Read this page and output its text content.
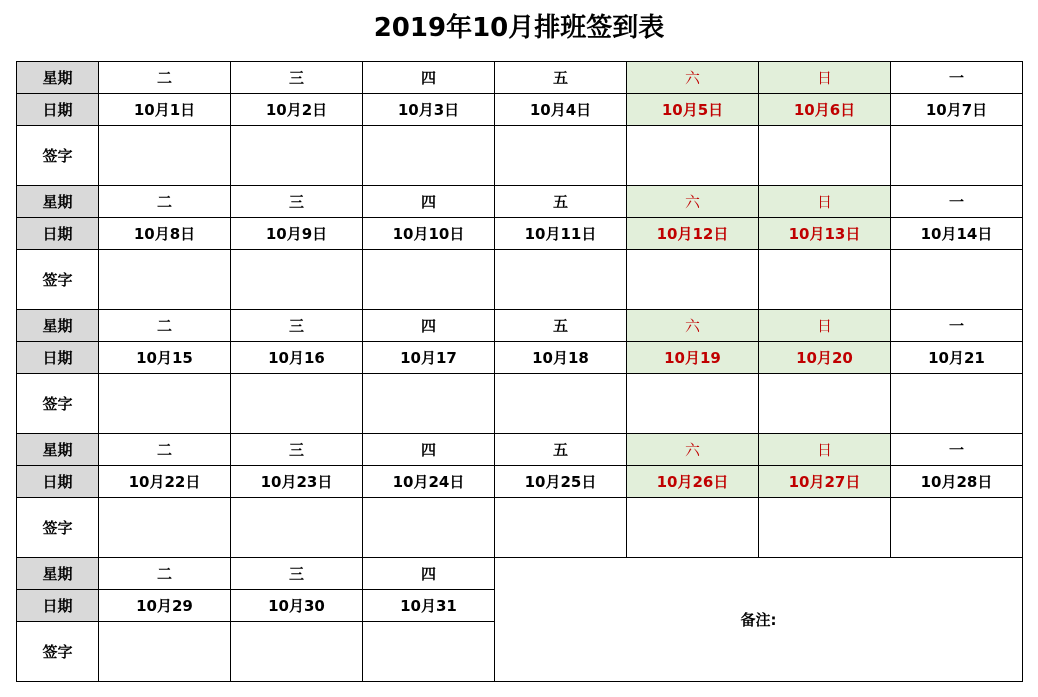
2019年10月排班签到表
星期	二	三	四	五	六	日	一
日期	10月1日	10月2日	10月3日	10月4日	10月5日	10月6日	10月7日
签字							
星期	二	三	四	五	六	日	一
日期	10月8日	10月9日	10月10日	10月11日	10月12日	10月13日	10月14日
签字							
星期	二	三	四	五	六	日	一
日期	10月15	10月16	10月17	10月18	10月19	10月20	10月21
签字							
星期	二	三	四	五	六	日	一
日期	10月22日	10月23日	10月24日	10月25日	10月26日	10月27日	10月28日
签字							
星期	二	三	四	备注:			
日期	10月29	10月30	10月31				
签字							
